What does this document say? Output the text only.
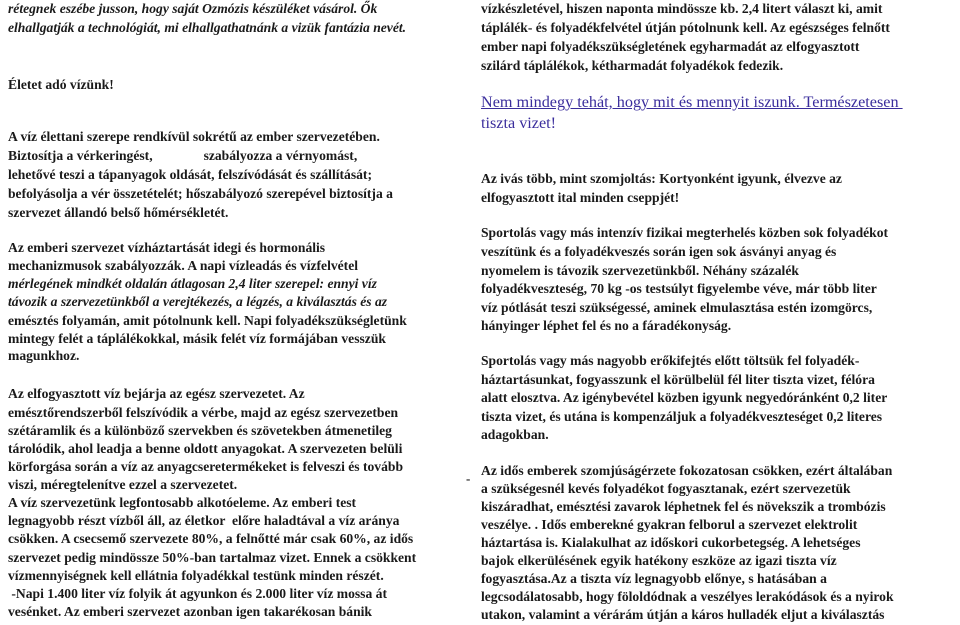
rétegnek eszébe jusson, hogy saját Ozmózis készüléket vásárol. Ők
elhallgatják a technológiát, mi elhallgathatnánk a vizük fantázia nevét.
Életet adó vízünk!
A víz élettani szerepe rendkívül sokrétű az ember szervezetében.
Biztosítja a vérkeringést,               szabályozza a vérnyomást,
lehetővé teszi a tápanyagok oldását, felszívódását és szállítását;
befolyásolja a vér összetételét; hőszabályozó szerepével biztosítja a
szervezet állandó belső hőmérsékletét.
Az emberi szervezet vízháztartását idegi és hormonális
mechanizmusok szabályozzák. A napi vízleadás és vízfelvétel
mérlegének mindkét oldalán átlagosan 2,4 liter szerepel: ennyi víz
távozik a szervezetünkből a verejtékezés, a légzés, a kiválasztás és az
emésztés folyamán, amit pótolnunk kell. Napi folyadékszükségletünk
mintegy felét a táplálékokkal, másik felét víz formájában vesszük
magunkhoz.
Az elfogyasztott víz bejárja az egész szervezetet. Az
emésztőrendszerből felszívódik a vérbe, majd az egész szervezetben
szétáramlik és a különböző szervekben és szövetekben átmenetileg
tárolódik, ahol leadja a benne oldott anyagokat. A szervezeten belüli
körforgása során a víz az anyagcseretermékeket is felveszi és tovább
viszi, méregtelenítve ezzel a szervezetet.
A víz szervezetünk legfontosabb alkotóeleme. Az emberi test
legnagyobb részt vízből áll, az életkor  előre haladtával a víz aránya
csökken. A csecsemő szervezete 80%, a felnőtté már csak 60%, az idős
szervezet pedig mindössze 50%-ban tartalmaz vizet. Ennek a csökkent
vízmennyiségnek kell ellátnia folyadékkal testünk minden részét.
-Napi 1.400 liter víz folyik át agyunkon és 2.000 liter víz mossa át
vesénket. Az emberi szervezet azonban igen takarékosan bánik
-
vízkészletével, hiszen naponta mindössze kb. 2,4 litert választ ki, amit
táplálék- és folyadékfelvétel útján pótolnunk kell. Az egészséges felnőtt
ember napi folyadékszükségletének egyharmadát az elfogyasztott
szilárd táplálékok, kétharmadát folyadékok fedezik.
Nem mindegy tehát, hogy mit és mennyit iszunk. Természetesen
tiszta vizet!
Az ivás több, mint szomjoltás: Kortyonként igyunk, élvezve az
elfogyasztott ital minden cseppjét!
Sportolás vagy más intenzív fizikai megterhelés közben sok folyadékot
veszítünk és a folyadékveszés során igen sok ásványi anyag és
nyomelem is távozik szervezetünkből. Néhány százalék
folyadékveszteség, 70 kg -os testsúlyt figyelembe véve, már több liter
víz pótlását teszi szükségessé, aminek elmulasztása estén izomgörcs,
hányinger léphet fel és no a fáradékonyság.
Sportolás vagy más nagyobb erőkifejtés előtt töltsük fel folyadék-
háztartásunkat, fogyasszunk el körülbelül fél liter tiszta vizet, félóra
alatt elosztva. Az igénybevétel közben igyunk negyedóránként 0,2 liter
tiszta vizet, és utána is kompenzáljuk a folyadékveszteséget 0,2 literes
adagokban.
Az idős emberek szomjúságérzete fokozatosan csökken, ezért általában
a szükségesnél kevés folyadékot fogyasztanak, ezért szervezetük
kiszáradhat, emésztési zavarok léphetnek fel és növekszik a trombózis
veszélye. . Idős emberekné gyakran felborul a szervezet elektrolit
háztartása is. Kialakulhat az időskori cukorbetegség. A lehetséges
bajok elkerülésének egyik hatékony eszköze az igazi tiszta víz
fogyasztása.Az a tiszta víz legnagyobb előnye, s hatásában a
legcsodálatosabb, hogy föloldódnak a veszélyes lerakódások és a nyirok
utakon, valamint a vérárám útján a káros hulladék eljut a kiválasztás
